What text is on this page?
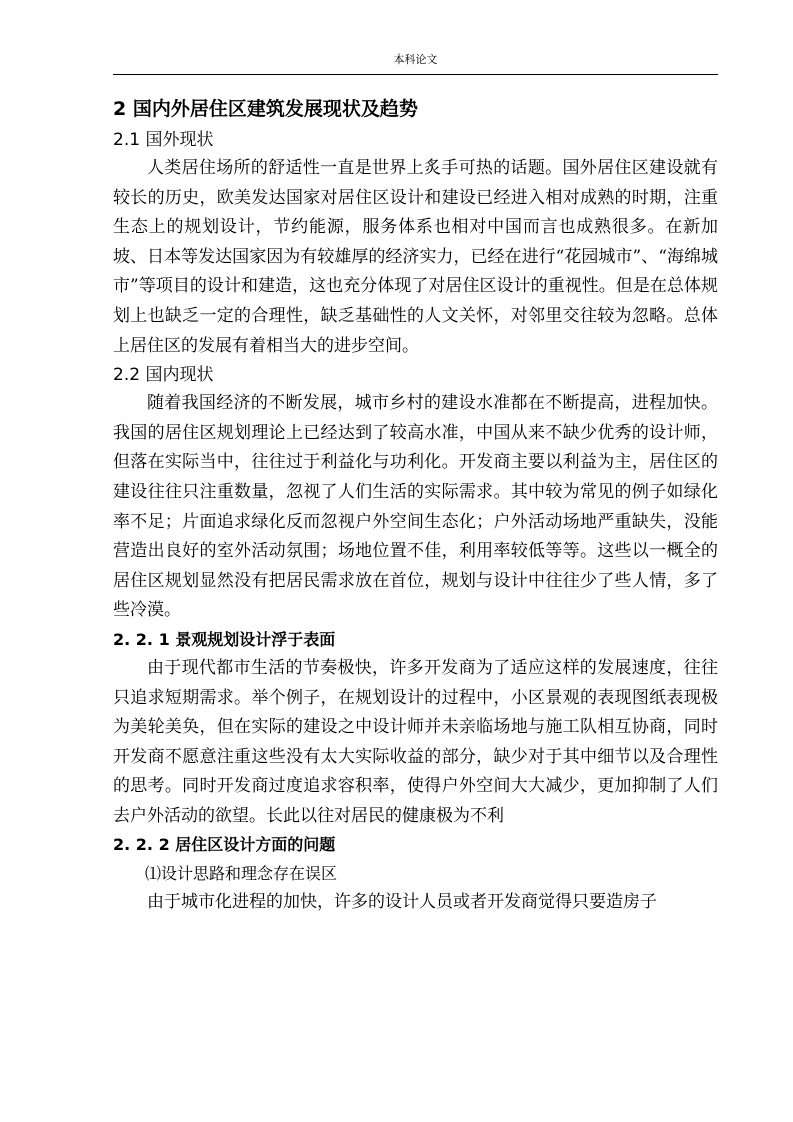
本科论文
2 国内外居住区建筑发展现状及趋势
2.1 国外现状

人类居住场所的舒适性一直是世界上炙手可热的话题。国外居住区建设就有较长的历史，欧美发达国家对居住区设计和建设已经进入相对成熟的时期，注重生态上的规划设计，节约能源，服务体系也相对中国而言也成熟很多。在新加坡、日本等发达国家因为有较雄厚的经济实力，已经在进行“花园城市”、“海绵城市”等项目的设计和建造，这也充分体现了对居住区设计的重视性。但是在总体规划上也缺乏一定的合理性，缺乏基础性的人文关怀，对邻里交往较为忽略。总体上居住区的发展有着相当大的进步空间。

2.2 国内现状

随着我国经济的不断发展，城市乡村的建设水准都在不断提高，进程加快。我国的居住区规划理论上已经达到了较高水准，中国从来不缺少优秀的设计师，但落在实际当中，往往过于利益化与功利化。开发商主要以利益为主，居住区的建设往往只注重数量，忽视了人们生活的实际需求。其中较为常见的例子如绿化率不足；片面追求绿化反而忽视户外空间生态化；户外活动场地严重缺失，没能营造出良好的室外活动氛围；场地位置不佳，利用率较低等等。这些以一概全的居住区规划显然没有把居民需求放在首位，规划与设计中往往少了些人情，多了些冷漠。

2. 2. 1 景观规划设计浮于表面

由于现代都市生活的节奏极快，许多开发商为了适应这样的发展速度，往往只追求短期需求。举个例子，在规划设计的过程中，小区景观的表现图纸表现极为美轮美奂，但在实际的建设之中设计师并未亲临场地与施工队相互协商，同时开发商不愿意注重这些没有太大实际收益的部分，缺少对于其中细节以及合理性的思考。同时开发商过度追求容积率，使得户外空间大大减少，更加抑制了人们去户外活动的欲望。长此以往对居民的健康极为不利

2. 2. 2 居住区设计方面的问题

⑴设计思路和理念存在误区

由于城市化进程的加快，许多的设计人员或者开发商觉得只要造房子
